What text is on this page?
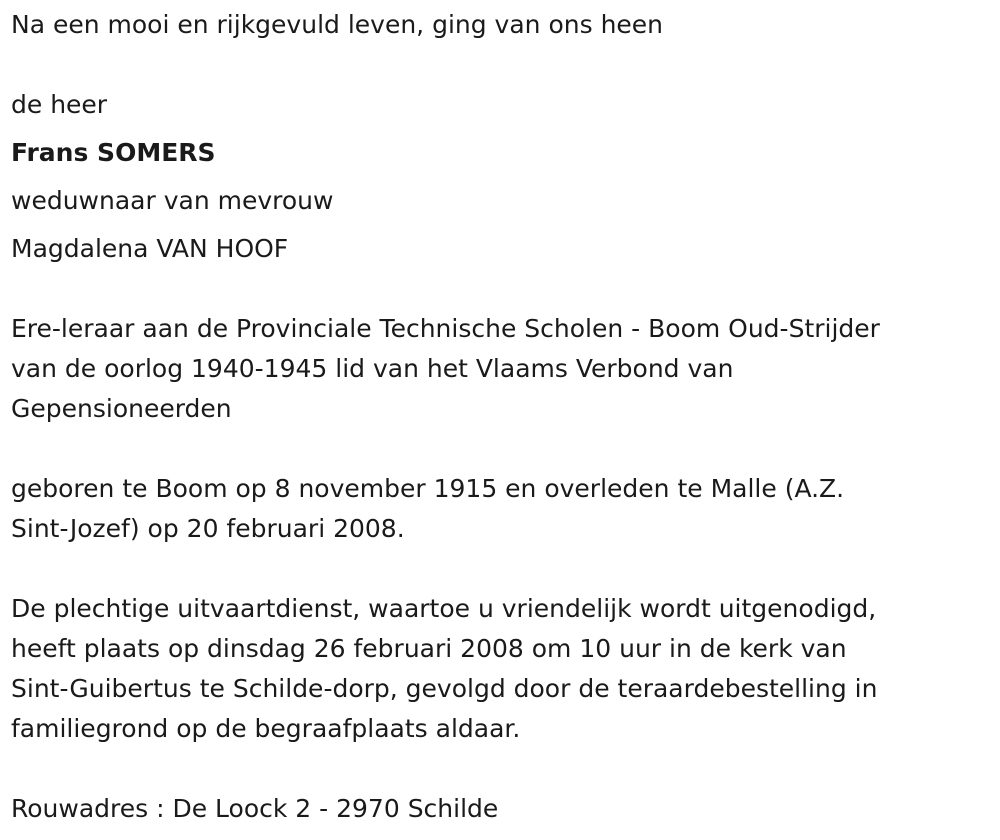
Na een mooi en rijkgevuld leven, ging van ons heen
de heer
Frans SOMERS
weduwnaar van mevrouw
Magdalena VAN HOOF
Ere-leraar aan de Provinciale Technische Scholen - Boom Oud-Strijder
van de oorlog 1940-1945 lid van het Vlaams Verbond van
Gepensioneerden
geboren te Boom op 8 november 1915 en overleden te Malle (A.Z.
Sint-Jozef) op 20 februari 2008.
De plechtige uitvaartdienst, waartoe u vriendelijk wordt uitgenodigd,
heeft plaats op dinsdag 26 februari 2008 om 10 uur in de kerk van
Sint-Guibertus te Schilde-dorp, gevolgd door de teraardebestelling in
familiegrond op de begraafplaats aldaar.
Rouwadres : De Loock 2 - 2970 Schilde
